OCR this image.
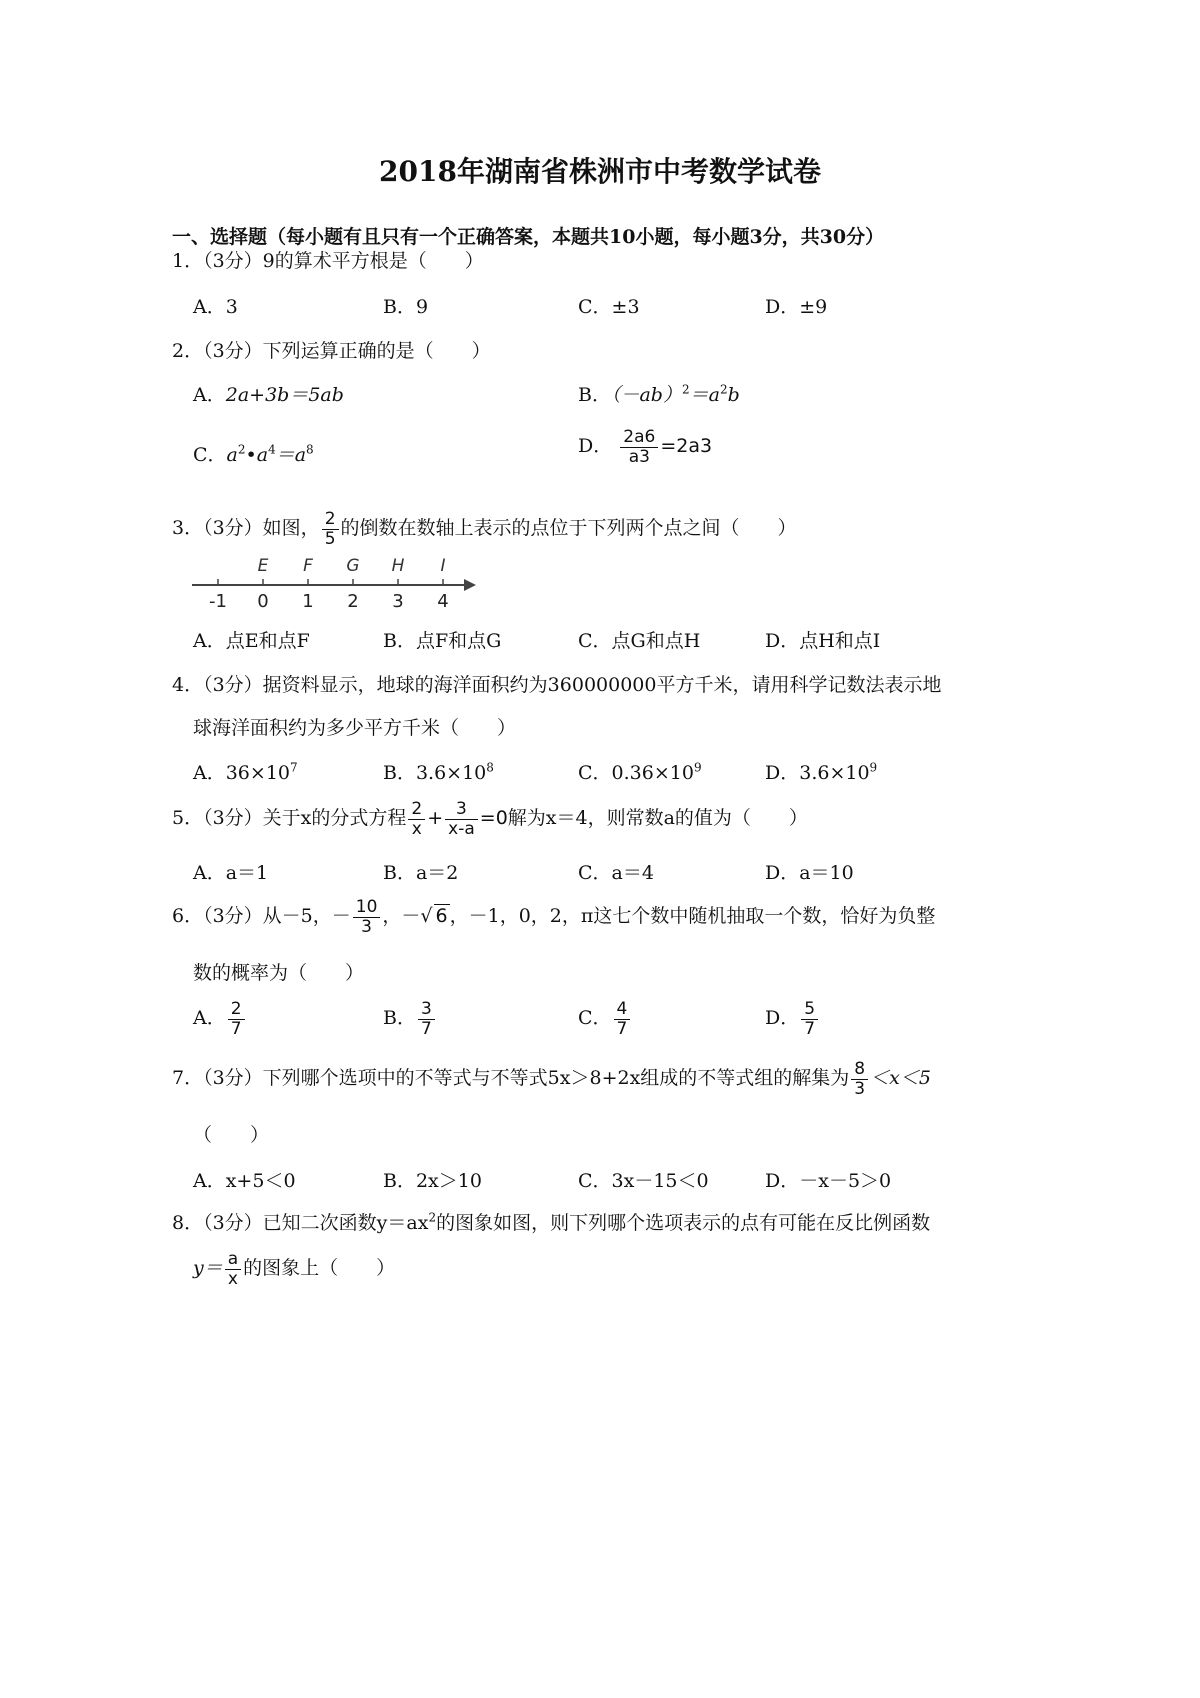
2018年湖南省株洲市中考数学试卷
一、选择题（每小题有且只有一个正确答案，本题共10小题，每小题3分，共30分）
1．（3分）9的算术平方根是（　　）
A．3	B．9	C．±3	D．±9
2．（3分）下列运算正确的是（　　）
A．2a+3b＝5ab	B．$(-ab)^2=a^2b$
C．$a^2•a^4=a^8$	D． $\frac{2a6}{a3} =2a3$
3．（3分）如图， $\frac{2}{5}$ 的倒数在数轴上表示的点位于下列两个点之间（　　）
-1 0 1 2 3 4
E F G H I
A．点E和点F	B．点F和点G	C．点G和点H	D．点H和点I
4．（3分）据资料显示，地球的海洋面积约为360000000平方千米，请用科学记数法表示地
球海洋面积约为多少平方千米（　　）
A．$36\times 10^7$	B．$3.6\times 10^8$	C．$0.36\times 10^9$	D．$3.6\times 10^9$
5．（3分）关于x的分式方程 $\frac{2}{x} + \frac{3}{x-a} =0$解为x＝4，则常数a的值为（　　）
A．a＝1	B．a＝2	C．a＝4	D．a＝10
6．（3分）从－5，－ $\frac{10}{3}$ ，－√ 6 ，－1，0，2，π这七个数中随机抽取一个数，恰好为负整
数的概率为（　　）
A． $\frac{2}{7}$	B． $\frac{3}{7}$	C． $\frac{4}{7}$	D． $\frac{5}{7}$
7．（3分）下列哪个选项中的不等式与不等式5x＞8+2x组成的不等式组的解集为 $\frac{8}{3} <x<5$
（　　）
A．x+5＜0	B．2x＞10	C．3x－15＜0	D．－x－5＞0
8．（3分）已知二次函数$y=ax^2$的图象如图，则下列哪个选项表示的点有可能在反比例函数
$y= \frac{a}{x}$ 的图象上（　　）
